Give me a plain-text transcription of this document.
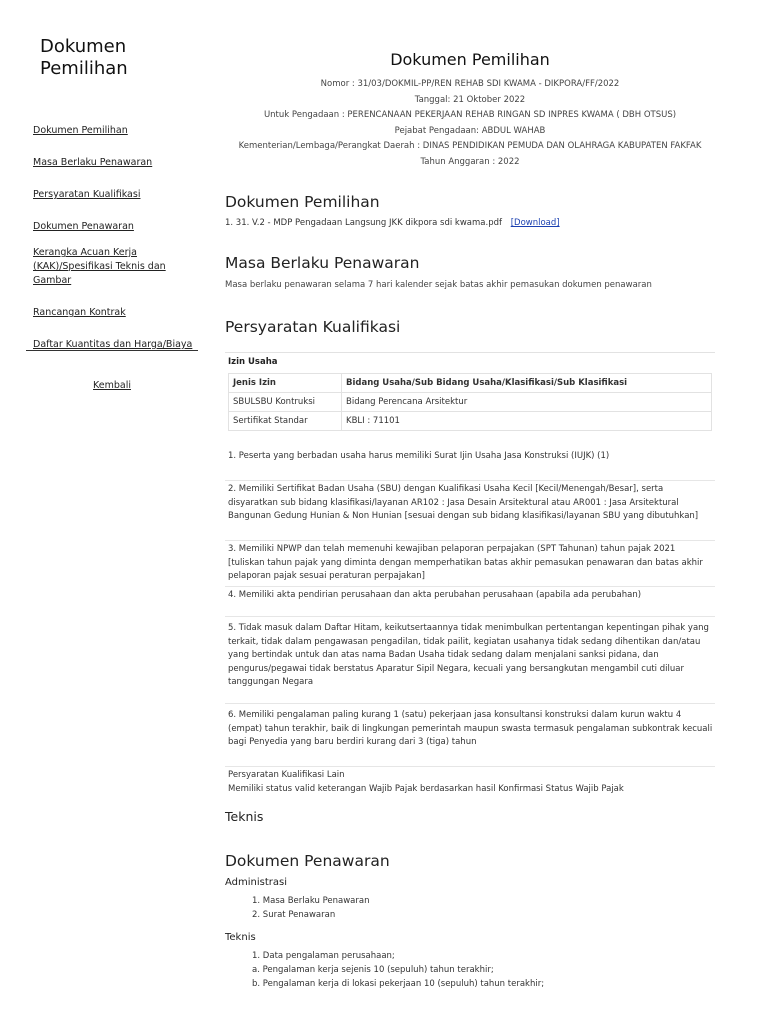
Dokumen Pemilihan
Dokumen Pemilihan
Masa Berlaku Penawaran
Persyaratan Kualifikasi
Dokumen Penawaran
Kerangka Acuan Kerja (KAK)/Spesifikasi Teknis dan Gambar
Rancangan Kontrak
Daftar Kuantitas dan Harga/Biaya
Kembali
Dokumen Pemilihan

Nomor : 31/03/DOKMIL-PP/REN REHAB SDI KWAMA - DIKPORA/FF/2022

Tanggal: 21 Oktober 2022

Untuk Pengadaan : PERENCANAAN PEKERJAAN REHAB RINGAN SD INPRES KWAMA ( DBH OTSUS)

Pejabat Pengadaan: ABDUL WAHAB

Kementerian/Lembaga/Perangkat Daerah : DINAS PENDIDIKAN PEMUDA DAN OLAHRAGA KABUPATEN FAKFAK

Tahun Anggaran : 2022

Dokumen Pemilihan
1. 31. V.2 - MDP Pengadaan Langsung JKK dikpora sdi kwama.pdf [Download]
Masa Berlaku Penawaran
Masa berlaku penawaran selama 7 hari kalender sejak batas akhir pemasukan dokumen penawaran
Persyaratan Kualifikasi
Izin Usaha
Jenis Izin	Bidang Usaha/Sub Bidang Usaha/Klasifikasi/Sub Klasifikasi
SBULSBU Kontruksi	Bidang Perencana Arsitektur
Sertifikat Standar	KBLI : 71101
1. Peserta yang berbadan usaha harus memiliki Surat Ijin Usaha Jasa Konstruksi (IUJK) (1)
2. Memiliki Sertifikat Badan Usaha (SBU) dengan Kualifikasi Usaha Kecil [Kecil/Menengah/Besar], serta disyaratkan sub bidang klasifikasi/layanan AR102 : Jasa Desain Arsitektural atau AR001 : Jasa Arsitektural Bangunan Gedung Hunian & Non Hunian [sesuai dengan sub bidang klasifikasi/layanan SBU yang dibutuhkan]
3. Memiliki NPWP dan telah memenuhi kewajiban pelaporan perpajakan (SPT Tahunan) tahun pajak 2021 [tuliskan tahun pajak yang diminta dengan memperhatikan batas akhir pemasukan penawaran dan batas akhir pelaporan pajak sesuai peraturan perpajakan]
4. Memiliki akta pendirian perusahaan dan akta perubahan perusahaan (apabila ada perubahan)
5. Tidak masuk dalam Daftar Hitam, keikutsertaannya tidak menimbulkan pertentangan kepentingan pihak yang terkait, tidak dalam pengawasan pengadilan, tidak pailit, kegiatan usahanya tidak sedang dihentikan dan/atau yang bertindak untuk dan atas nama Badan Usaha tidak sedang dalam menjalani sanksi pidana, dan pengurus/pegawai tidak berstatus Aparatur Sipil Negara, kecuali yang bersangkutan mengambil cuti diluar tanggungan Negara
6. Memiliki pengalaman paling kurang 1 (satu) pekerjaan jasa konsultansi konstruksi dalam kurun waktu 4 (empat) tahun terakhir, baik di lingkungan pemerintah maupun swasta termasuk pengalaman subkontrak kecuali bagi Penyedia yang baru berdiri kurang dari 3 (tiga) tahun
Persyaratan Kualifikasi Lain
Memiliki status valid keterangan Wajib Pajak berdasarkan hasil Konfirmasi Status Wajib Pajak
Teknis
Dokumen Penawaran
Administrasi
1. Masa Berlaku Penawaran
2. Surat Penawaran
Teknis
1. Data pengalaman perusahaan;
a. Pengalaman kerja sejenis 10 (sepuluh) tahun terakhir;
b. Pengalaman kerja di lokasi pekerjaan 10 (sepuluh) tahun terakhir;
